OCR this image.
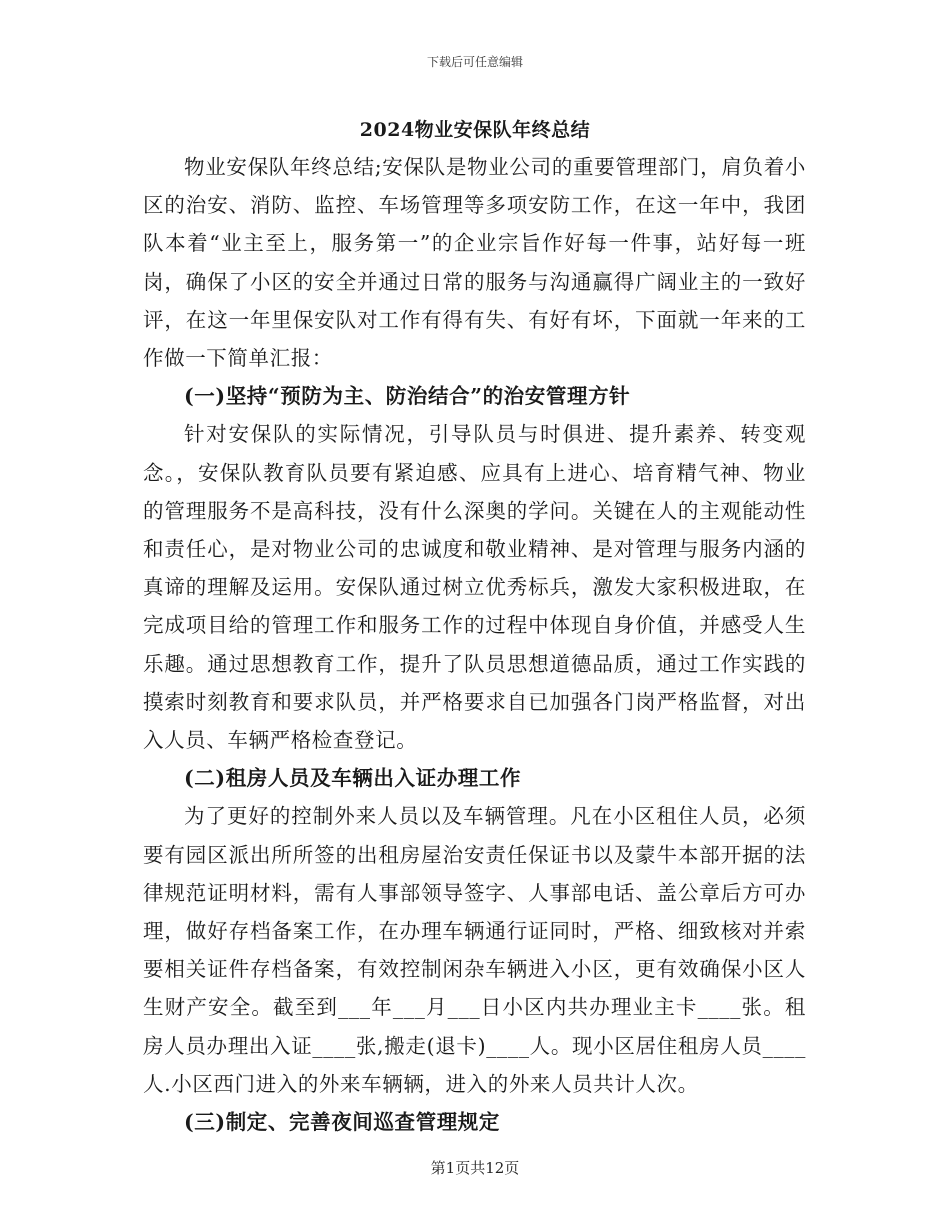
下载后可任意编辑
2024物业安保队年终总结

物业安保队年终总结;安保队是物业公司的重要管理部门，肩负着小区的治安、消防、监控、车场管理等多项安防工作，在这一年中，我团队本着“业主至上，服务第一”的企业宗旨作好每一件事，站好每一班岗，确保了小区的安全并通过日常的服务与沟通赢得广阔业主的一致好评，在这一年里保安队对工作有得有失、有好有坏，下面就一年来的工作做一下简单汇报：

(一)坚持“预防为主、防治结合”的治安管理方针

针对安保队的实际情况，引导队员与时俱进、提升素养、转变观念。，安保队教育队员要有紧迫感、应具有上进心、培育精气神、物业的管理服务不是高科技，没有什么深奥的学问。关键在人的主观能动性和责任心，是对物业公司的忠诚度和敬业精神、是对管理与服务内涵的真谛的理解及运用。安保队通过树立优秀标兵，激发大家积极进取，在完成项目给的管理工作和服务工作的过程中体现自身价值，并感受人生乐趣。通过思想教育工作，提升了队员思想道德品质，通过工作实践的摸索时刻教育和要求队员，并严格要求自已加强各门岗严格监督，对出入人员、车辆严格检查登记。

(二)租房人员及车辆出入证办理工作

为了更好的控制外来人员以及车辆管理。凡在小区租住人员，必须要有园区派出所所签的出租房屋治安责任保证书以及蒙牛本部开据的法律规范证明材料，需有人事部领导签字、人事部电话、盖公章后方可办理，做好存档备案工作，在办理车辆通行证同时，严格、细致核对并索要相关证件存档备案，有效控制闲杂车辆进入小区，更有效确保小区人生财产安全。截至到___年___月___日小区内共办理业主卡____张。租房人员办理出入证____张,搬走(退卡)____人。现小区居住租房人员____人.小区西门进入的外来车辆辆，进入的外来人员共计人次。

(三)制定、完善夜间巡查管理规定
第1页共12页
